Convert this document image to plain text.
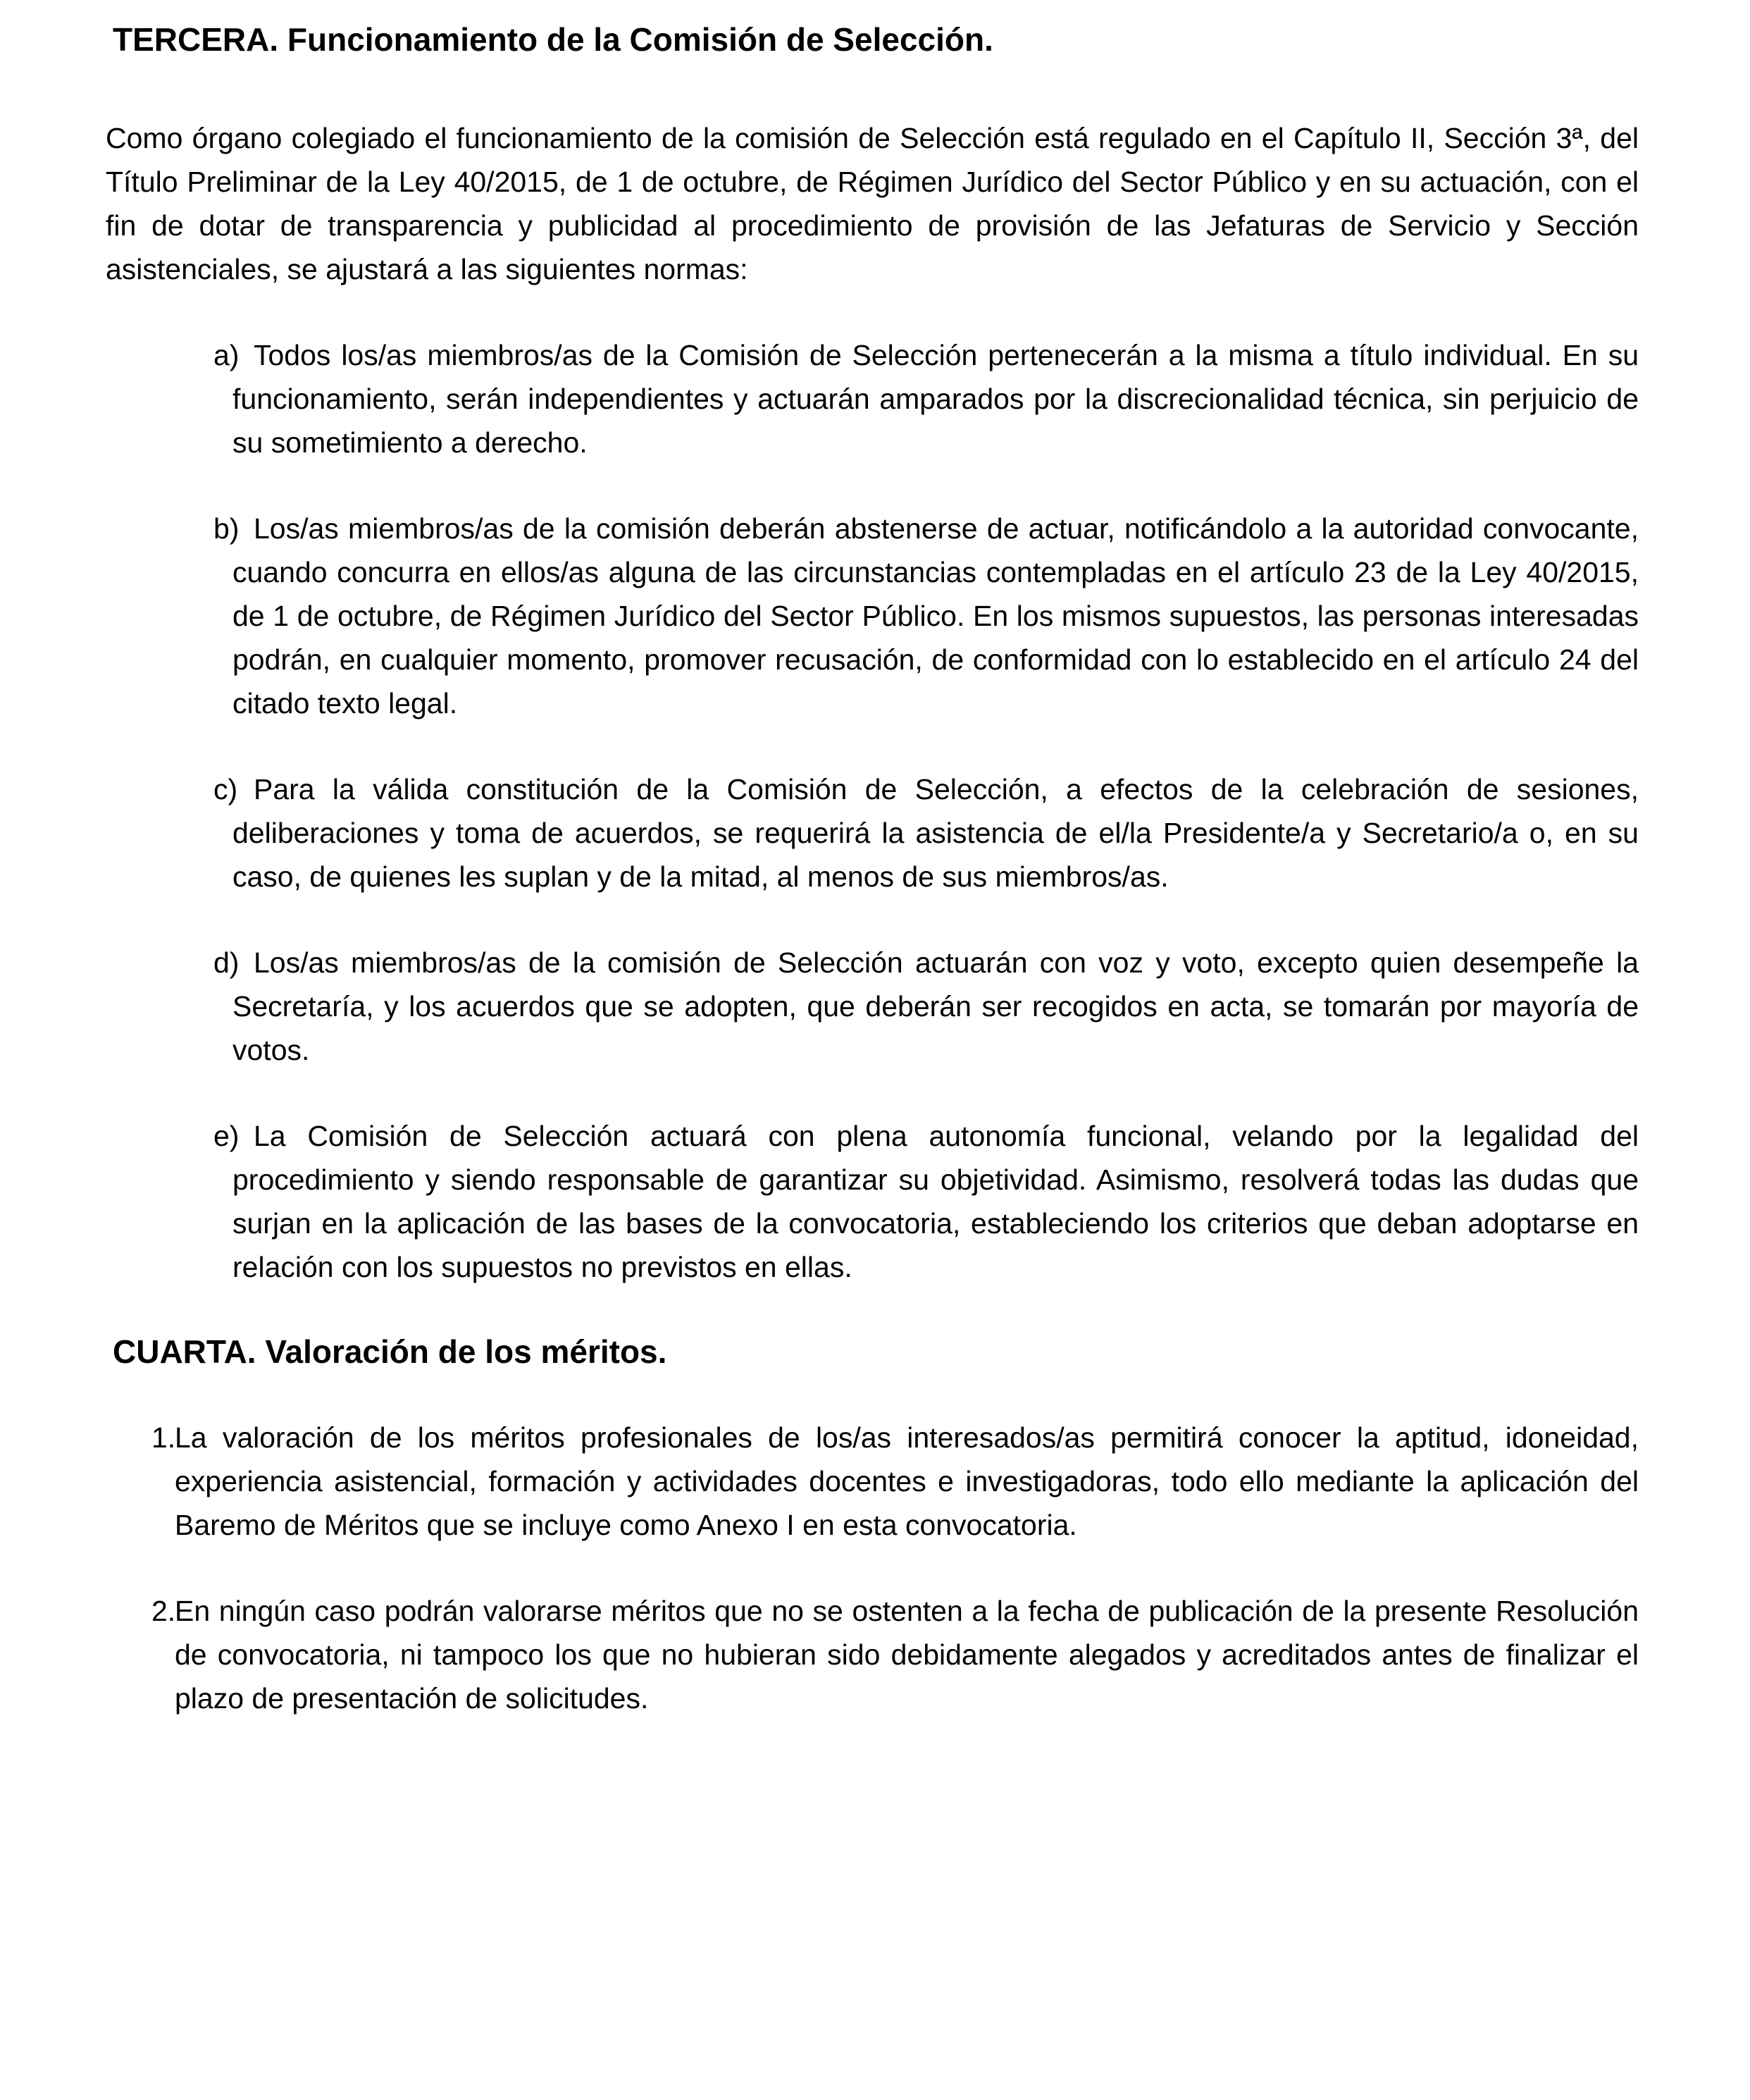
TERCERA. Funcionamiento de la Comisión de Selección.

Como órgano colegiado el funcionamiento de la comisión de Selección está regulado en el Capítulo II, Sección 3ª, del Título Preliminar de la Ley 40/2015, de 1 de octubre, de Régimen Jurídico del Sector Público y en su actuación, con el fin de dotar de transparencia y publicidad al procedimiento de provisión de las Jefaturas de Servicio y Sección asistenciales, se ajustará a las siguientes normas:

a) Todos los/as miembros/as de la Comisión de Selección pertenecerán a la misma a título individual. En su funcionamiento, serán independientes y actuarán amparados por la discrecionalidad técnica, sin perjuicio de su sometimiento a derecho.
b) Los/as miembros/as de la comisión deberán abstenerse de actuar, notificándolo a la autoridad convocante, cuando concurra en ellos/as alguna de las circunstancias contempladas en el artículo 23 de la Ley 40/2015, de 1 de octubre, de Régimen Jurídico del Sector Público. En los mismos supuestos, las personas interesadas podrán, en cualquier momento, promover recusación, de conformidad con lo establecido en el artículo 24 del citado texto legal.
c) Para la válida constitución de la Comisión de Selección, a efectos de la celebración de sesiones, deliberaciones y toma de acuerdos, se requerirá la asistencia de el/la Presidente/a y Secretario/a o, en su caso, de quienes les suplan y de la mitad, al menos de sus miembros/as.
d) Los/as miembros/as de la comisión de Selección actuarán con voz y voto, excepto quien desempeñe la Secretaría, y los acuerdos que se adopten, que deberán ser recogidos en acta, se tomarán por mayoría de votos.
e) La Comisión de Selección actuará con plena autonomía funcional, velando por la legalidad del procedimiento y siendo responsable de garantizar su objetividad. Asimismo, resolverá todas las dudas que surjan en la aplicación de las bases de la convocatoria, estableciendo los criterios que deban adoptarse en relación con los supuestos no previstos en ellas.
CUARTA. Valoración de los méritos.
1.
La valoración de los méritos profesionales de los/as interesados/as permitirá conocer la aptitud, idoneidad, experiencia asistencial, formación y actividades docentes e investigadoras, todo ello mediante la aplicación del Baremo de Méritos que se incluye como Anexo I en esta convocatoria.
2.
En ningún caso podrán valorarse méritos que no se ostenten a la fecha de publicación de la presente Resolución de convocatoria, ni tampoco los que no hubieran sido debidamente alegados y acreditados antes de finalizar el plazo de presentación de solicitudes.
